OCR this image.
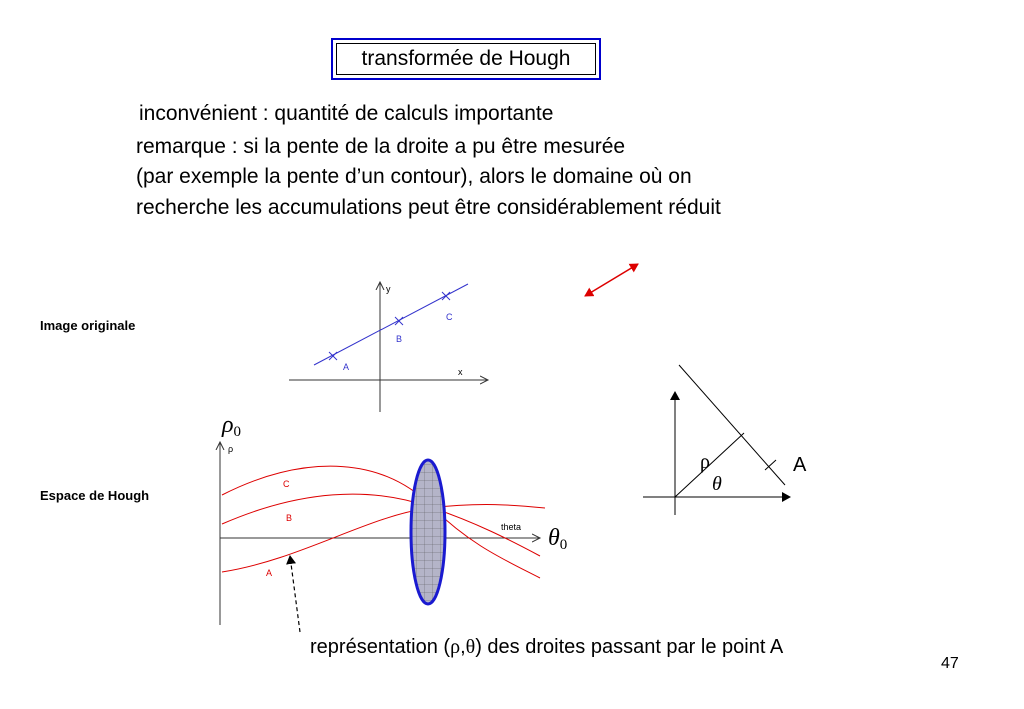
transformée de Hough
inconvénient : quantité de calculs importante
remarque : si la pente de la droite a pu être mesurée
(par exemple la pente d’un contour), alors le domaine où on
recherche les accumulations peut être considérablement réduit
Image originale
x
y
A
B
C
Espace de Hough
ρ0
ρ
theta θ0
C
B
A
ρ
θ
A
représentation (ρ,θ) des droites passant par le point A
47
